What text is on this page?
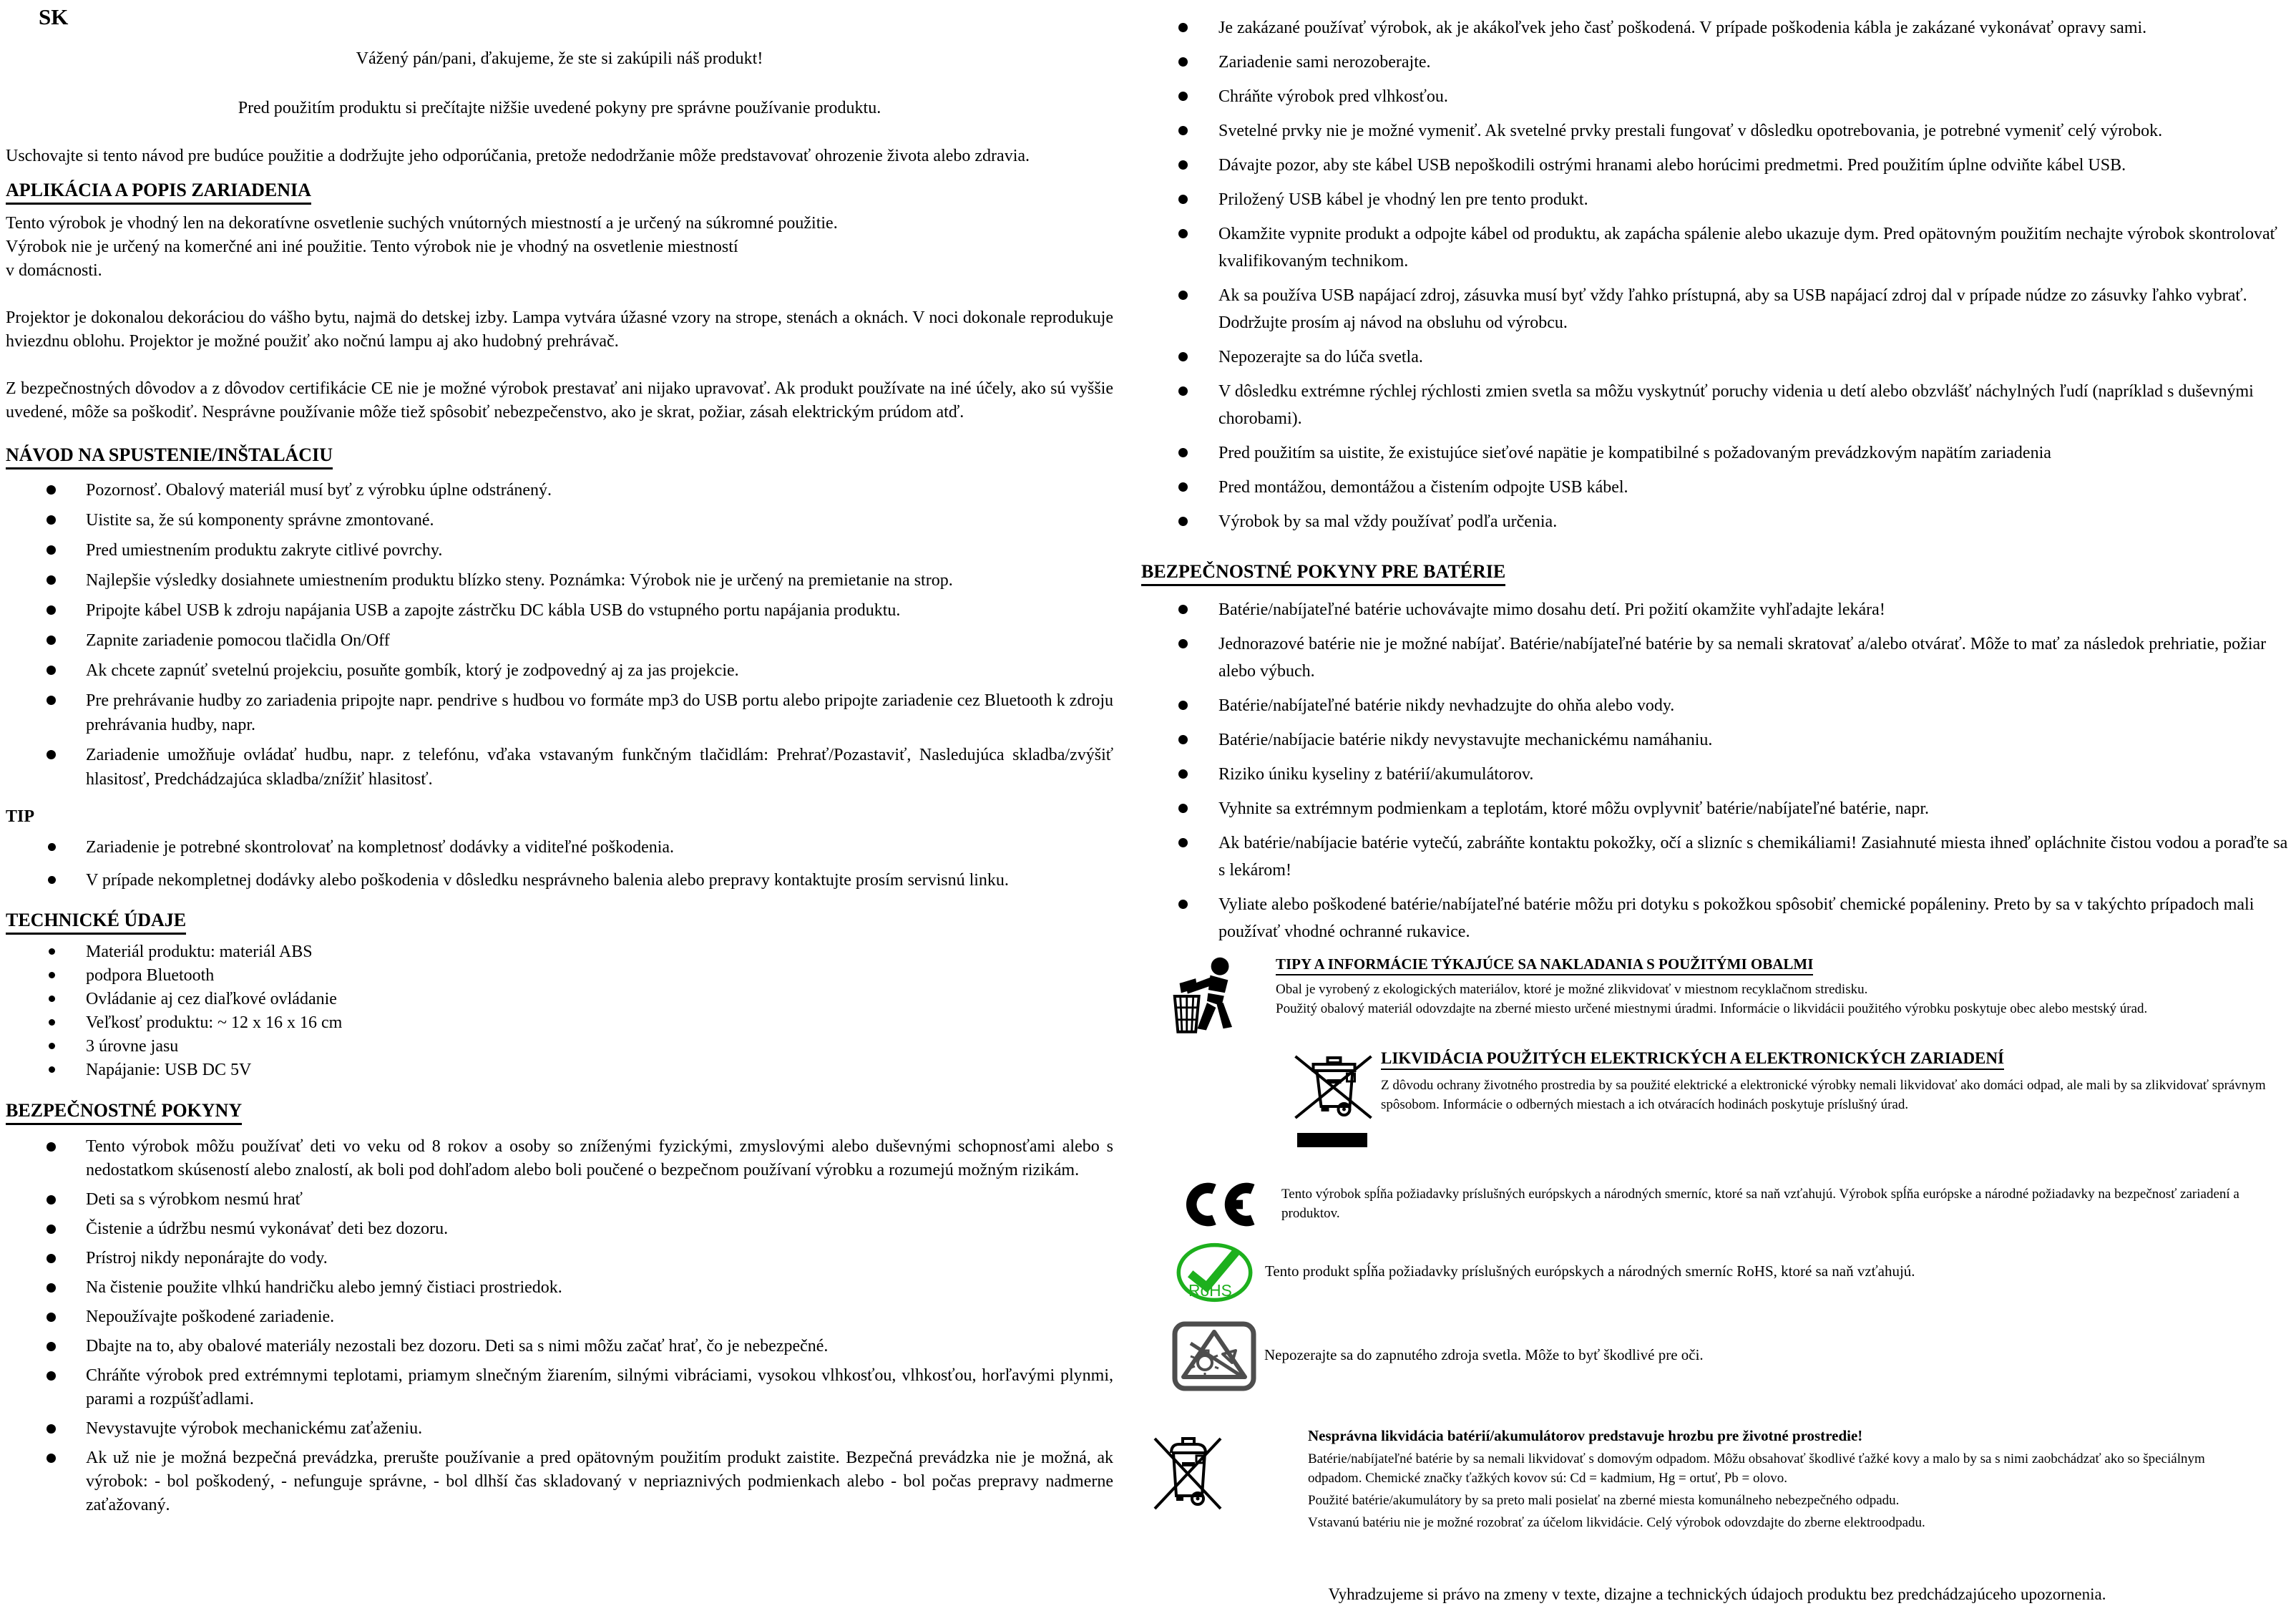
SK
Vážený pán/pani, ďakujeme, že ste si zakúpili náš produkt!
Pred použitím produktu si prečítajte nižšie uvedené pokyny pre správne používanie produktu.
Uschovajte si tento návod pre budúce použitie a dodržujte jeho odporúčania, pretože nedodržanie môže predstavovať ohrozenie života alebo zdravia.
APLIKÁCIA A POPIS ZARIADENIA
Tento výrobok je vhodný len na dekoratívne osvetlenie suchých vnútorných miestností a je určený na súkromné použitie.
Výrobok nie je určený na komerčné ani iné použitie. Tento výrobok nie je vhodný na osvetlenie miestností
v domácnosti.
Projektor je dokonalou dekoráciou do vášho bytu, najmä do detskej izby. Lampa vytvára úžasné vzory na strope, stenách a oknách. V noci dokonale reprodukuje hviezdnu oblohu. Projektor je možné použiť ako nočnú lampu aj ako hudobný prehrávač.
Z bezpečnostných dôvodov a z dôvodov certifikácie CE nie je možné výrobok prestavať ani nijako upravovať. Ak produkt používate na iné účely, ako sú vyššie uvedené, môže sa poškodiť. Nesprávne používanie môže tiež spôsobiť nebezpečenstvo, ako je skrat, požiar, zásah elektrickým prúdom atď.
NÁVOD NA SPUSTENIE/INŠTALÁCIU
Pozornosť. Obalový materiál musí byť z výrobku úplne odstránený.
Uistite sa, že sú komponenty správne zmontované.
Pred umiestnením produktu zakryte citlivé povrchy.
Najlepšie výsledky dosiahnete umiestnením produktu blízko steny. Poznámka: Výrobok nie je určený na premietanie na strop.
Pripojte kábel USB k zdroju napájania USB a zapojte zástrčku DC kábla USB do vstupného portu napájania produktu.
Zapnite zariadenie pomocou tlačidla On/Off
Ak chcete zapnúť svetelnú projekciu, posuňte gombík, ktorý je zodpovedný aj za jas projekcie.
Pre prehrávanie hudby zo zariadenia pripojte napr. pendrive s hudbou vo formáte mp3 do USB portu alebo pripojte zariadenie cez Bluetooth k zdroju prehrávania hudby, napr.
Zariadenie umožňuje ovládať hudbu, napr. z telefónu, vďaka vstavaným funkčným tlačidlám: Prehrať/Pozastaviť, Nasledujúca skladba/zvýšiť hlasitosť, Predchádzajúca skladba/znížiť hlasitosť.
TIP
Zariadenie je potrebné skontrolovať na kompletnosť dodávky a viditeľné poškodenia.
V prípade nekompletnej dodávky alebo poškodenia v dôsledku nesprávneho balenia alebo prepravy kontaktujte prosím servisnú linku.
TECHNICKÉ ÚDAJE
Materiál produktu: materiál ABS
podpora Bluetooth
Ovládanie aj cez diaľkové ovládanie
Veľkosť produktu: ~ 12 x 16 x 16 cm
3 úrovne jasu
Napájanie: USB DC 5V
BEZPEČNOSTNÉ POKYNY
Tento výrobok môžu používať deti vo veku od 8 rokov a osoby so zníženými fyzickými, zmyslovými alebo duševnými schopnosťami alebo s nedostatkom skúseností alebo znalostí, ak boli pod dohľadom alebo boli poučené o bezpečnom používaní výrobku a rozumejú možným rizikám.
Deti sa s výrobkom nesmú hrať
Čistenie a údržbu nesmú vykonávať deti bez dozoru.
Prístroj nikdy neponárajte do vody.
Na čistenie použite vlhkú handričku alebo jemný čistiaci prostriedok.
Nepoužívajte poškodené zariadenie.
Dbajte na to, aby obalové materiály nezostali bez dozoru. Deti sa s nimi môžu začať hrať, čo je nebezpečné.
Chráňte výrobok pred extrémnymi teplotami, priamym slnečným žiarením, silnými vibráciami, vysokou vlhkosťou, vlhkosťou, horľavými plynmi, parami a rozpúšťadlami.
Nevystavujte výrobok mechanickému zaťaženiu.
Ak už nie je možná bezpečná prevádzka, prerušte používanie a pred opätovným použitím produkt zaistite. Bezpečná prevádzka nie je možná, ak výrobok: - bol poškodený, - nefunguje správne, - bol dlhší čas skladovaný v nepriaznivých podmienkach alebo - bol počas prepravy nadmerne zaťažovaný.
Je zakázané používať výrobok, ak je akákoľvek jeho časť poškodená. V prípade poškodenia kábla je zakázané vykonávať opravy sami.
Zariadenie sami nerozoberajte.
Chráňte výrobok pred vlhkosťou.
Svetelné prvky nie je možné vymeniť. Ak svetelné prvky prestali fungovať v dôsledku opotrebovania, je potrebné vymeniť celý výrobok.
Dávajte pozor, aby ste kábel USB nepoškodili ostrými hranami alebo horúcimi predmetmi. Pred použitím úplne odviňte kábel USB.
Priložený USB kábel je vhodný len pre tento produkt.
Okamžite vypnite produkt a odpojte kábel od produktu, ak zapácha spálenie alebo ukazuje dym. Pred opätovným použitím nechajte výrobok skontrolovať kvalifikovaným technikom.
Ak sa používa USB napájací zdroj, zásuvka musí byť vždy ľahko prístupná, aby sa USB napájací zdroj dal v prípade núdze zo zásuvky ľahko vybrať. Dodržujte prosím aj návod na obsluhu od výrobcu.
Nepozerajte sa do lúča svetla.
V dôsledku extrémne rýchlej rýchlosti zmien svetla sa môžu vyskytnúť poruchy videnia u detí alebo obzvlášť náchylných ľudí (napríklad s duševnými chorobami).
Pred použitím sa uistite, že existujúce sieťové napätie je kompatibilné s požadovaným prevádzkovým napätím zariadenia
Pred montážou, demontážou a čistením odpojte USB kábel.
Výrobok by sa mal vždy používať podľa určenia.
BEZPEČNOSTNÉ POKYNY PRE BATÉRIE
Batérie/nabíjateľné batérie uchovávajte mimo dosahu detí. Pri požití okamžite vyhľadajte lekára!
Jednorazové batérie nie je možné nabíjať. Batérie/nabíjateľné batérie by sa nemali skratovať a/alebo otvárať. Môže to mať za následok prehriatie, požiar alebo výbuch.
Batérie/nabíjateľné batérie nikdy nevhadzujte do ohňa alebo vody.
Batérie/nabíjacie batérie nikdy nevystavujte mechanickému namáhaniu.
Riziko úniku kyseliny z batérií/akumulátorov.
Vyhnite sa extrémnym podmienkam a teplotám, ktoré môžu ovplyvniť batérie/nabíjateľné batérie, napr.
Ak batérie/nabíjacie batérie vytečú, zabráňte kontaktu pokožky, očí a slizníc s chemikáliami! Zasiahnuté miesta ihneď opláchnite čistou vodou a poraďte sa s lekárom!
Vyliate alebo poškodené batérie/nabíjateľné batérie môžu pri dotyku s pokožkou spôsobiť chemické popáleniny. Preto by sa v takýchto prípadoch mali používať vhodné ochranné rukavice.
TIPY A INFORMÁCIE TÝKAJÚCE SA NAKLADANIA S POUŽITÝMI OBALMI
Obal je vyrobený z ekologických materiálov, ktoré je možné zlikvidovať v miestnom recyklačnom stredisku.
Použitý obalový materiál odovzdajte na zberné miesto určené miestnymi úradmi. Informácie o likvidácii použitého výrobku poskytuje obec alebo mestský úrad.
LIKVIDÁCIA POUŽITÝCH ELEKTRICKÝCH A ELEKTRONICKÝCH ZARIADENÍ
Z dôvodu ochrany životného prostredia by sa použité elektrické a elektronické výrobky nemali likvidovať ako domáci odpad, ale mali by sa zlikvidovať správnym spôsobom. Informácie o odberných miestach a ich otváracích hodinách poskytuje príslušný úrad.
Tento výrobok spĺňa požiadavky príslušných európskych a národných smerníc, ktoré sa naň vzťahujú. Výrobok spĺňa európske a národné požiadavky na bezpečnosť zariadení a produktov.
RoHS
Tento produkt spĺňa požiadavky príslušných európskych a národných smerníc RoHS, ktoré sa naň vzťahujú.
Nepozerajte sa do zapnutého zdroja svetla. Môže to byť škodlivé pre oči.
Nesprávna likvidácia batérií/akumulátorov predstavuje hrozbu pre životné prostredie!
Batérie/nabíjateľné batérie by sa nemali likvidovať s domovým odpadom. Môžu obsahovať škodlivé ťažké kovy a malo by sa s nimi zaobchádzať ako so špeciálnym odpadom. Chemické značky ťažkých kovov sú: Cd = kadmium, Hg = ortuť, Pb = olovo.
Použité batérie/akumulátory by sa preto mali posielať na zberné miesta komunálneho nebezpečného odpadu.
Vstavanú batériu nie je možné rozobrať za účelom likvidácie. Celý výrobok odovzdajte do zberne elektroodpadu.
Vyhradzujeme si právo na zmeny v texte, dizajne a technických údajoch produktu bez predchádzajúceho upozornenia.
